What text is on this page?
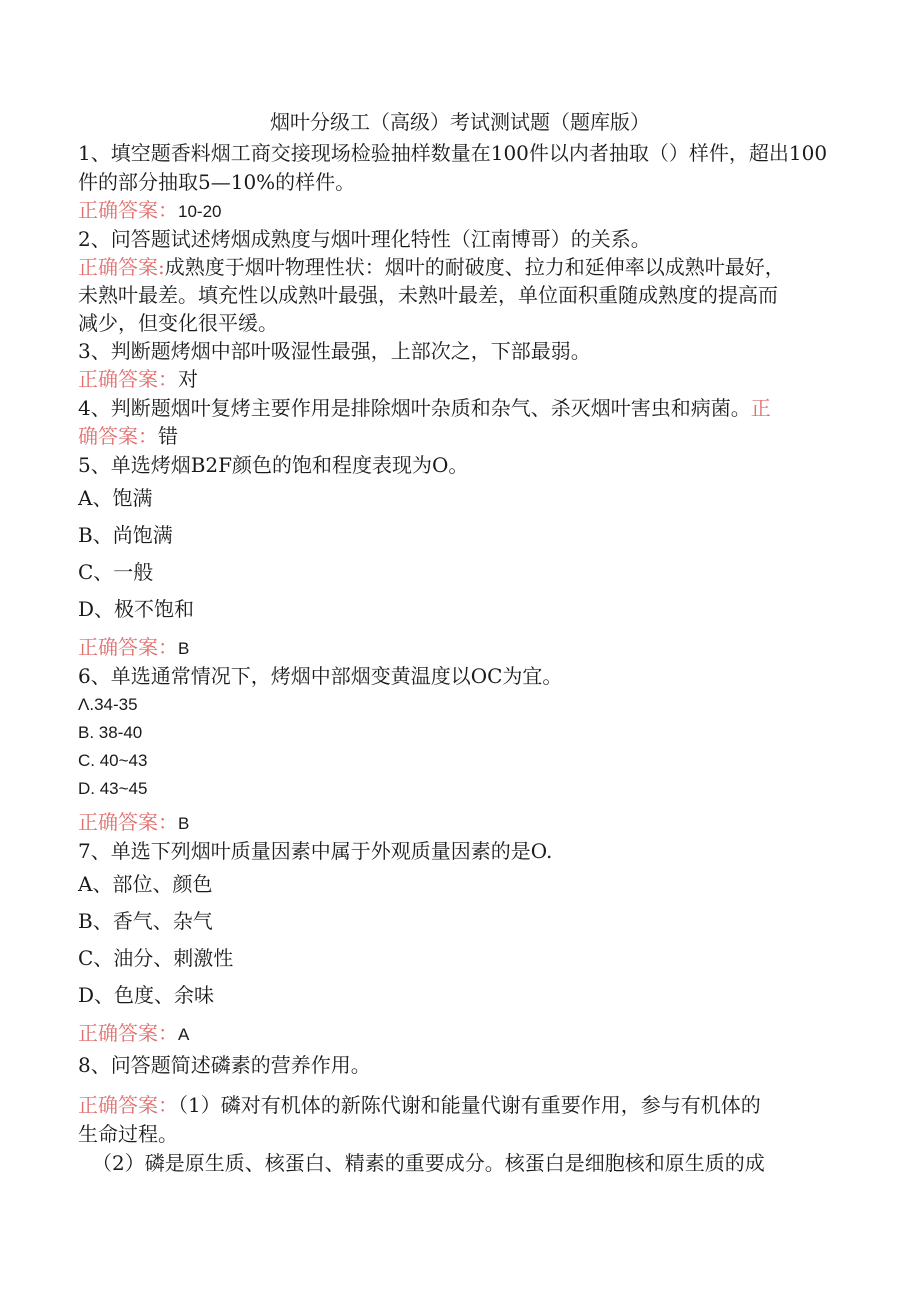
烟叶分级工（高级）考试测试题（题库版）
1、填空题香料烟工商交接现场检验抽样数量在100件以内者抽取（）样件，超出100
件的部分抽取5—10%的样件。
正确答案：10-20
2、问答题试述烤烟成熟度与烟叶理化特性（江南博哥）的关系。
正确答案:成熟度于烟叶物理性状：烟叶的耐破度、拉力和延伸率以成熟叶最好，
未熟叶最差。填充性以成熟叶最强，未熟叶最差，单位面积重随成熟度的提高而
减少，但变化很平缓。
3、判断题烤烟中部叶吸湿性最强，上部次之，下部最弱。
正确答案：对
4、判断题烟叶复烤主要作用是排除烟叶杂质和杂气、杀灭烟叶害虫和病菌。正
确答案：错
5、单选烤烟B2F颜色的饱和程度表现为O。
A、饱满
B、尚饱满
C、一般
D、极不饱和
正确答案：B
6、单选通常情况下，烤烟中部烟变黄温度以OC为宜。
Λ.34-35
B. 38-40
C. 40~43
D. 43~45
正确答案：B
7、单选下列烟叶质量因素中属于外观质量因素的是O.
A、部位、颜色
B、香气、杂气
C、油分、刺激性
D、色度、余味
正确答案：A
8、问答题简述磷素的营养作用。
正确答案：（1）磷对有机体的新陈代谢和能量代谢有重要作用，参与有机体的
生命过程。
（2）磷是原生质、核蛋白、精素的重要成分。核蛋白是细胞核和原生质的成
